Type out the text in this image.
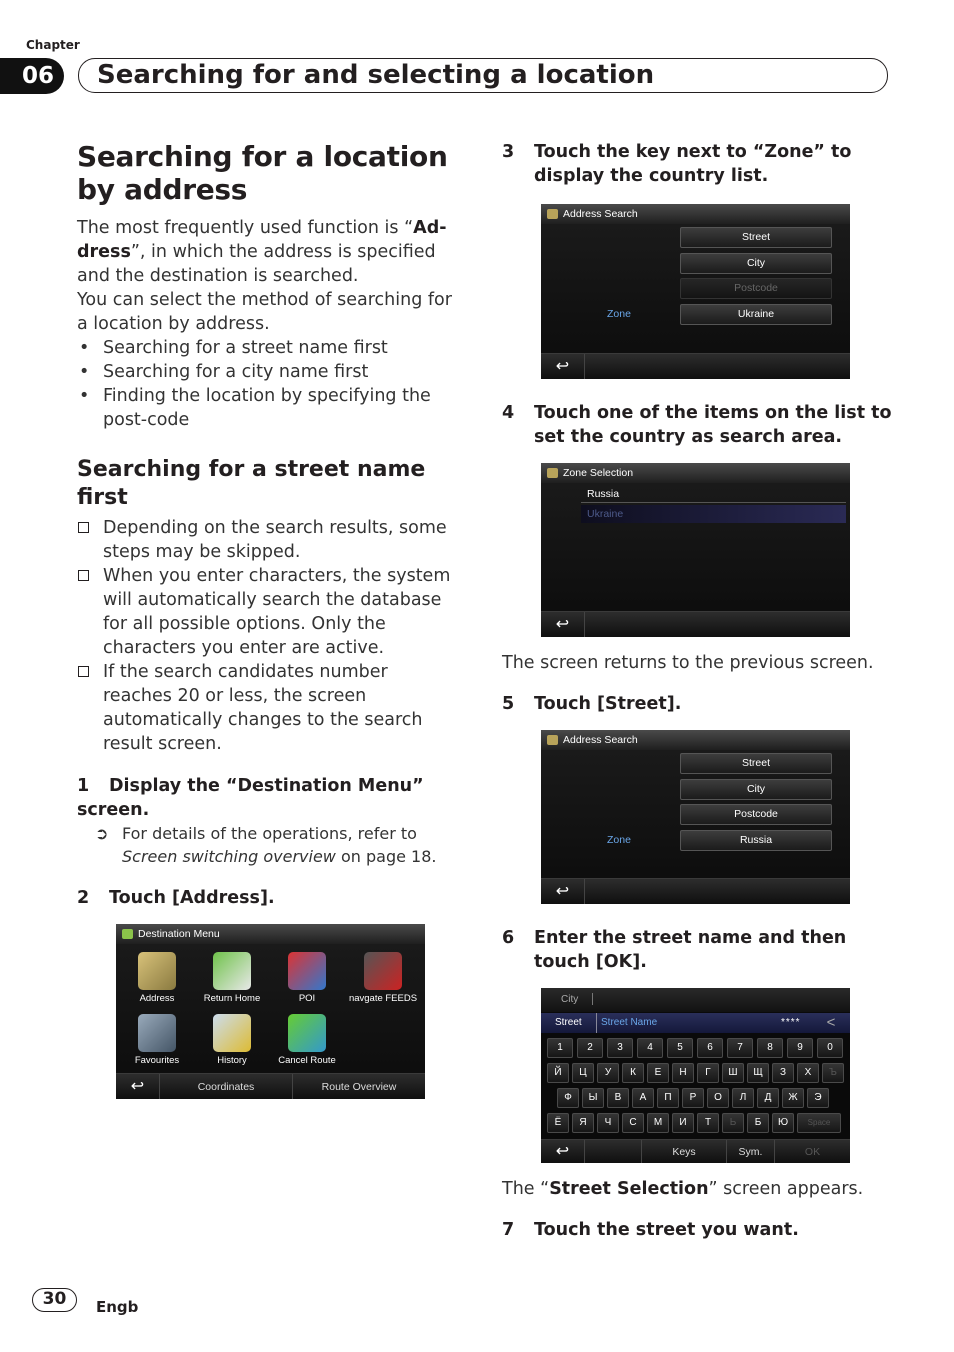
Chapter
06	Searching for and selecting a location
Searching for a location by address

The most frequently used function is “Ad-dress”, in which the address is specified and the destination is searched.

You can select the method of searching for a location by address.

• Searching for a street name first
• Searching for a city name first
• Finding the location by specifying the post-code
Searching for a street name first
Depending on the search results, some steps may be skipped.
When you enter characters, the system will automatically search the database for all possible options. Only the characters you enter are active.
If the search candidates number reaches 20 or less, the screen automatically changes to the search result screen.
1 Display the “Destination Menu” screen.
➲ For details of the operations, refer to Screen switching overview on page 18.
2 Touch [Address].
Destination Menu
Address	Return Home	POI	navgate FEEDS
Favourites	History	Cancel Route
↩	Coordinates	Route Overview
3 Touch the key next to “Zone” to display the country list.
Address Search
Street
City
Postcode
Zone	Ukraine
↩
4 Touch one of the items on the list to set the country as search area.
Zone Selection
Russia
Ukraine
↩

The screen returns to the previous screen.

5 Touch [Street].
Address Search
Street
City
Postcode
Zone	Russia
↩
6 Enter the street name and then touch [OK].
City
Street	Street Name	****	<
1	2	3	4	5	6	7	8	9	0
Й	Ц	У	К	Е	Н	Г	Ш	Щ	З	Х	Ъ
Ф	Ы	В	А	П	Р	О	Л	Д	Ж	Э
Ё	Я	Ч	С	М	И	Т	Ь	Б	Ю	Space
↩	Keys	Sym.	OK

The “Street Selection” screen appears.

7 Touch the street you want.
30	Engb
